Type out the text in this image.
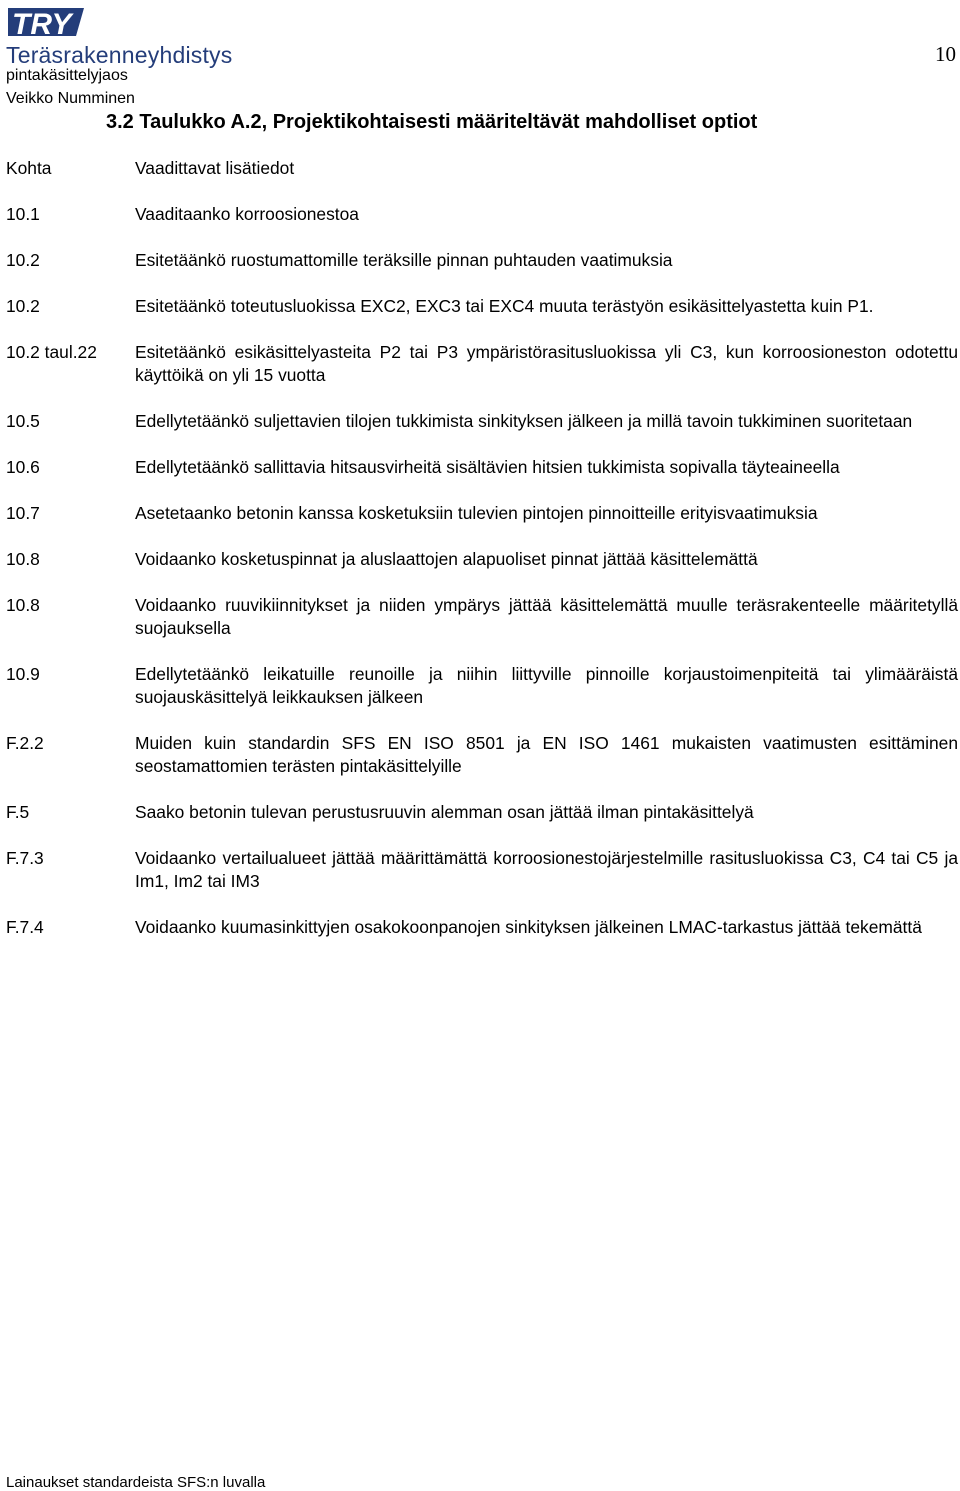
TRY
Teräsrakenneyhdistys
pintakäsittelyjaos
Veikko Numminen
10
3.2 Taulukko A.2, Projektikohtaisesti määriteltävät mahdolliset optiot
Kohta	Vaadittavat lisätiedot
10.1	Vaaditaanko korroosionestoa
10.2	Esitetäänkö ruostumattomille teräksille pinnan puhtauden vaatimuksia
10.2	Esitetäänkö toteutusluokissa EXC2, EXC3 tai EXC4 muuta terästyön esikäsittelyastetta kuin P1.
10.2 taul.22	Esitetäänkö esikäsittelyasteita P2 tai P3 ympäristörasitusluokissa yli C3, kun korroosioneston odotettu käyttöikä on yli 15 vuotta
10.5	Edellytetäänkö suljettavien tilojen tukkimista sinkityksen jälkeen ja millä tavoin tukkiminen suoritetaan
10.6	Edellytetäänkö sallittavia hitsausvirheitä sisältävien hitsien tukkimista sopivalla täyteaineella
10.7	Asetetaanko betonin kanssa kosketuksiin tulevien pintojen pinnoitteille erityisvaatimuksia
10.8	Voidaanko kosketuspinnat ja aluslaattojen alapuoliset pinnat jättää käsittelemättä
10.8	Voidaanko ruuvikiinnitykset ja niiden ympärys jättää käsittelemättä muulle teräsrakenteelle määritetyllä suojauksella
10.9	Edellytetäänkö leikatuille reunoille ja niihin liittyville pinnoille korjaustoimenpiteitä tai ylimääräistä suojauskäsittelyä leikkauksen jälkeen
F.2.2	Muiden kuin standardin SFS EN ISO 8501 ja EN ISO 1461 mukaisten vaatimusten esittäminen seostamattomien terästen pintakäsittelyille
F.5	Saako betonin tulevan perustusruuvin alemman osan jättää ilman pintakäsittelyä
F.7.3	Voidaanko vertailualueet jättää määrittämättä korroosionestojärjestelmille rasitusluokissa C3, C4 tai C5 ja Im1, Im2 tai IM3
F.7.4	Voidaanko kuumasinkittyjen osakokoonpanojen sinkityksen jälkeinen LMAC-tarkastus jättää tekemättä
Lainaukset standardeista SFS:n luvalla
